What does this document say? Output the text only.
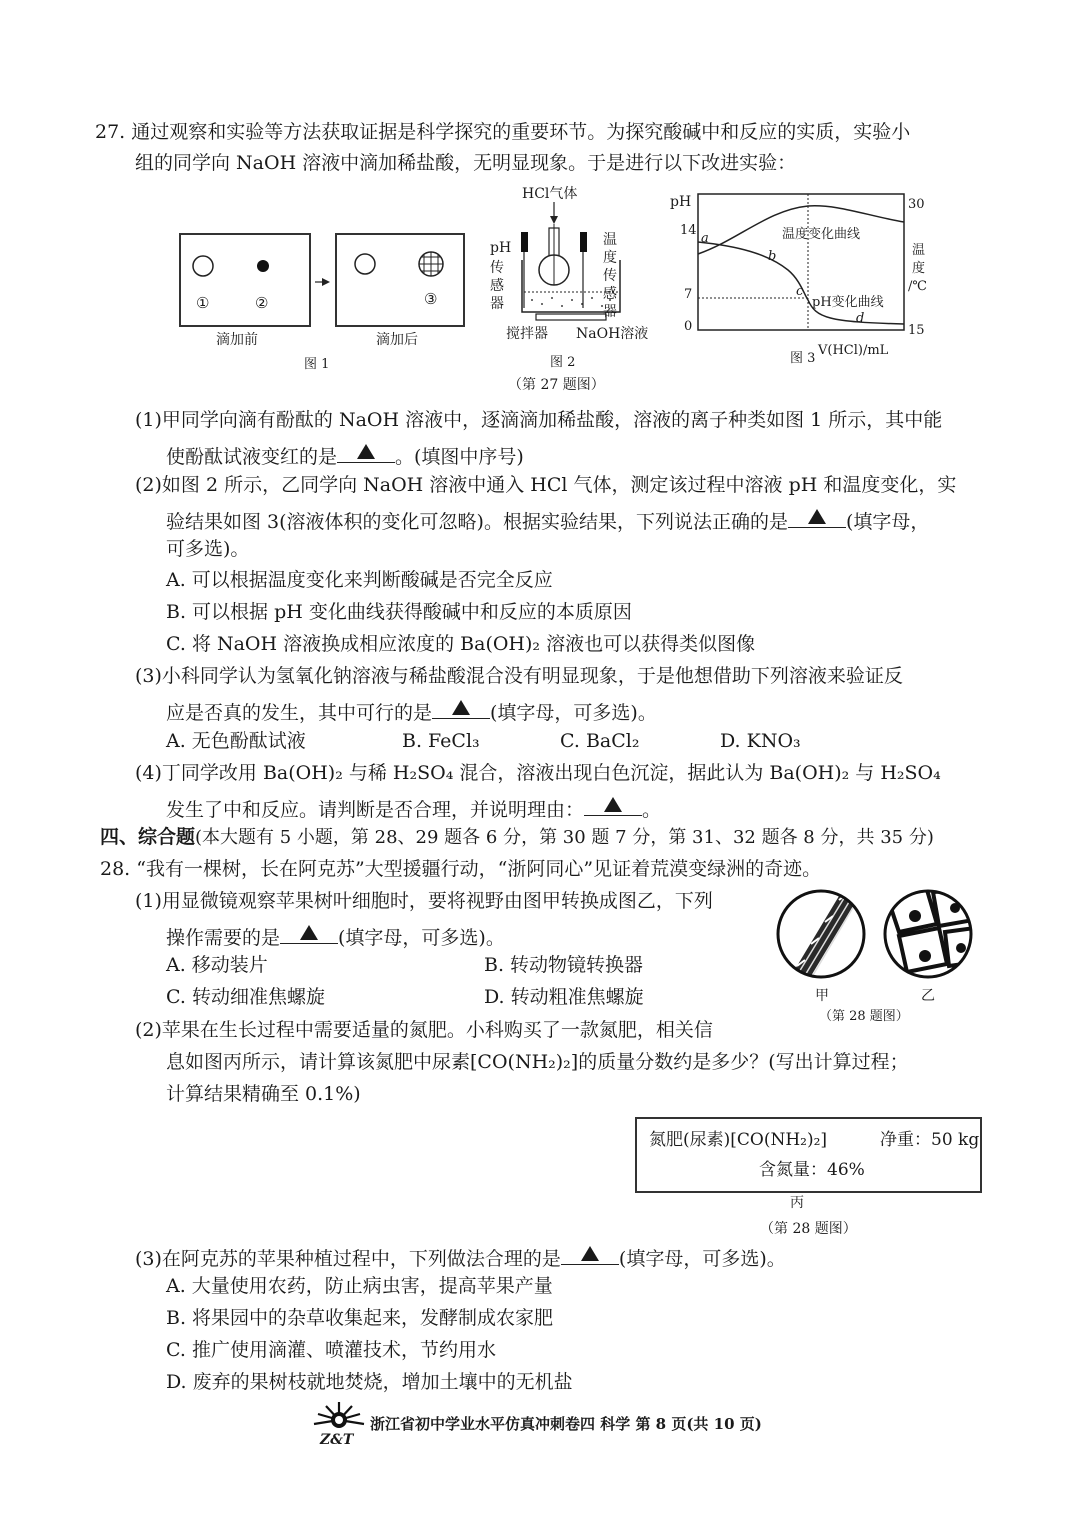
27. 通过观察和实验等方法获取证据是科学探究的重要环节。为探究酸碱中和反应的实质，实验小
组的同学向 NaOH 溶液中滴加稀盐酸，无明显现象。于是进行以下改进实验：
①	②	③
滴加前	滴加后
图 1
HCl气体
pH
传
感
器
温
度
传
感
器
搅拌器 NaOH溶液
图 2
pH
14
7
0
a
b
c
d
温度变化曲线
pH变化曲线
30
15
温
度
/℃
V(HCl)/mL
图 3
（第 27 题图）
(1)甲同学向滴有酚酞的 NaOH 溶液中，逐滴滴加稀盐酸，溶液的离子种类如图 1 所示，其中能
使酚酞试液变红的是	。(填图中序号)
(2)如图 2 所示，乙同学向 NaOH 溶液中通入 HCl 气体，测定该过程中溶液 pH 和温度变化，实
验结果如图 3(溶液体积的变化可忽略)。根据实验结果，下列说法正确的是	(填字母，
可多选)。
A. 可以根据温度变化来判断酸碱是否完全反应
B. 可以根据 pH 变化曲线获得酸碱中和反应的本质原因
C. 将 NaOH 溶液换成相应浓度的 Ba(OH)₂ 溶液也可以获得类似图像
(3)小科同学认为氢氧化钠溶液与稀盐酸混合没有明显现象，于是他想借助下列溶液来验证反
应是否真的发生，其中可行的是	(填字母，可多选)。
A. 无色酚酞试液	B. FeCl₃	C. BaCl₂	D. KNO₃
(4)丁同学改用 Ba(OH)₂ 与稀 H₂SO₄ 混合，溶液出现白色沉淀，据此认为 Ba(OH)₂ 与 H₂SO₄
发生了中和反应。请判断是否合理，并说明理由：	。
四、综合题(本大题有 5 小题，第 28、29 题各 6 分，第 30 题 7 分，第 31、32 题各 8 分，共 35 分)
28. “我有一棵树，长在阿克苏”大型援疆行动，“浙阿同心”见证着荒漠变绿洲的奇迹。
(1)用显微镜观察苹果树叶细胞时，要将视野由图甲转换成图乙，下列
操作需要的是	(填字母，可多选)。
A. 移动装片	B. 转动物镜转换器
C. 转动细准焦螺旋	D. 转动粗准焦螺旋	甲	乙
（第 28 题图）
(2)苹果在生长过程中需要适量的氮肥。小科购买了一款氮肥，相关信
息如图丙所示，请计算该氮肥中尿素[CO(NH₂)₂]的质量分数约是多少？(写出计算过程；
计算结果精确至 0.1%)
氮肥(尿素)[CO(NH₂)₂]	净重：50 kg
含氮量：46%
丙
（第 28 题图）
(3)在阿克苏的苹果种植过程中，下列做法合理的是	(填字母，可多选)。
A. 大量使用农药，防止病虫害，提高苹果产量
B. 将果园中的杂草收集起来，发酵制成农家肥
C. 推广使用滴灌、喷灌技术，节约用水
D. 废弃的果树枝就地焚烧，增加土壤中的无机盐
Z&T
浙江省初中学业水平仿真冲刺卷四 科学 第 8 页(共 10 页)
